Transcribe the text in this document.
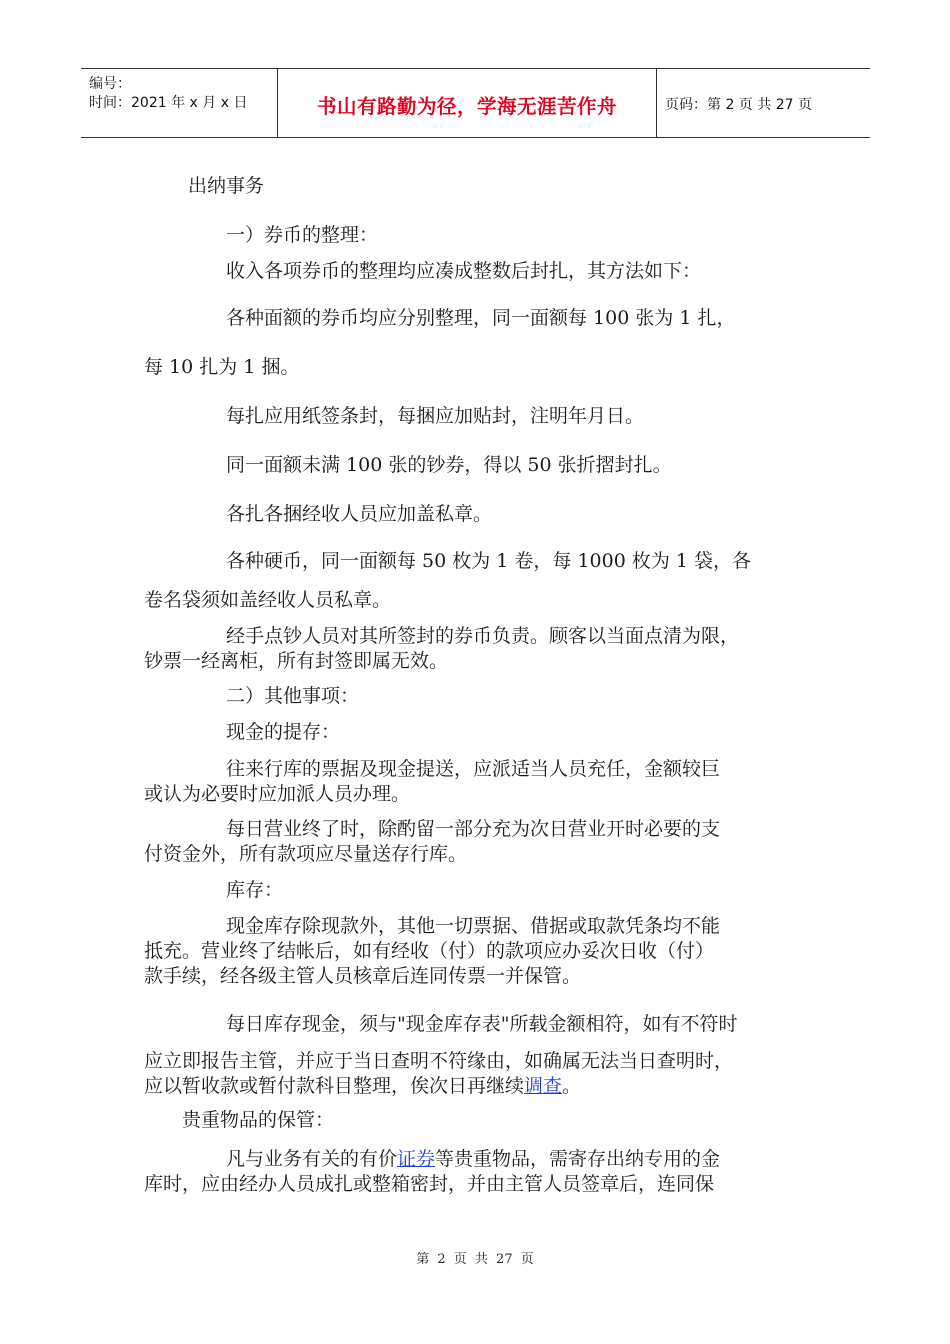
编号：
时间：2021 年 x 月 x 日	书山有路勤为径，学海无涯苦作舟	页码：第 2 页 共 27 页
出纳事务
一）券币的整理：
收入各项券币的整理均应凑成整数后封扎，其方法如下：
各种面额的券币均应分别整理，同一面额每 100 张为 1 扎，
每 10 扎为 1 捆。
每扎应用纸签条封，每捆应加贴封，注明年月日。
同一面额未满 100 张的钞券，得以 50 张折摺封扎。
各扎各捆经收人员应加盖私章。
各种硬币，同一面额每 50 枚为 1 卷，每 1000 枚为 1 袋，各
卷名袋须如盖经收人员私章。
经手点钞人员对其所签封的券币负责。顾客以当面点清为限，
钞票一经离柜，所有封签即属无效。
二）其他事项：
现金的提存：
往来行库的票据及现金提送，应派适当人员充任，金额较巨
或认为必要时应加派人员办理。
每日营业终了时，除酌留一部分充为次日营业开时必要的支
付资金外，所有款项应尽量送存行库。
库存：
现金库存除现款外，其他一切票据、借据或取款凭条均不能
抵充。营业终了结帐后，如有经收（付）的款项应办妥次日收（付）
款手续，经各级主管人员核章后连同传票一并保管。
每日库存现金，须与"现金库存表"所载金额相符，如有不符时
应立即报告主管，并应于当日查明不符缘由，如确属无法当日查明时，
应以暂收款或暂付款科目整理，俟次日再继续调查。
贵重物品的保管：
凡与业务有关的有价证券等贵重物品，需寄存出纳专用的金
库时，应由经办人员成扎或整箱密封，并由主管人员签章后，连同保
第 2 页 共 27 页
